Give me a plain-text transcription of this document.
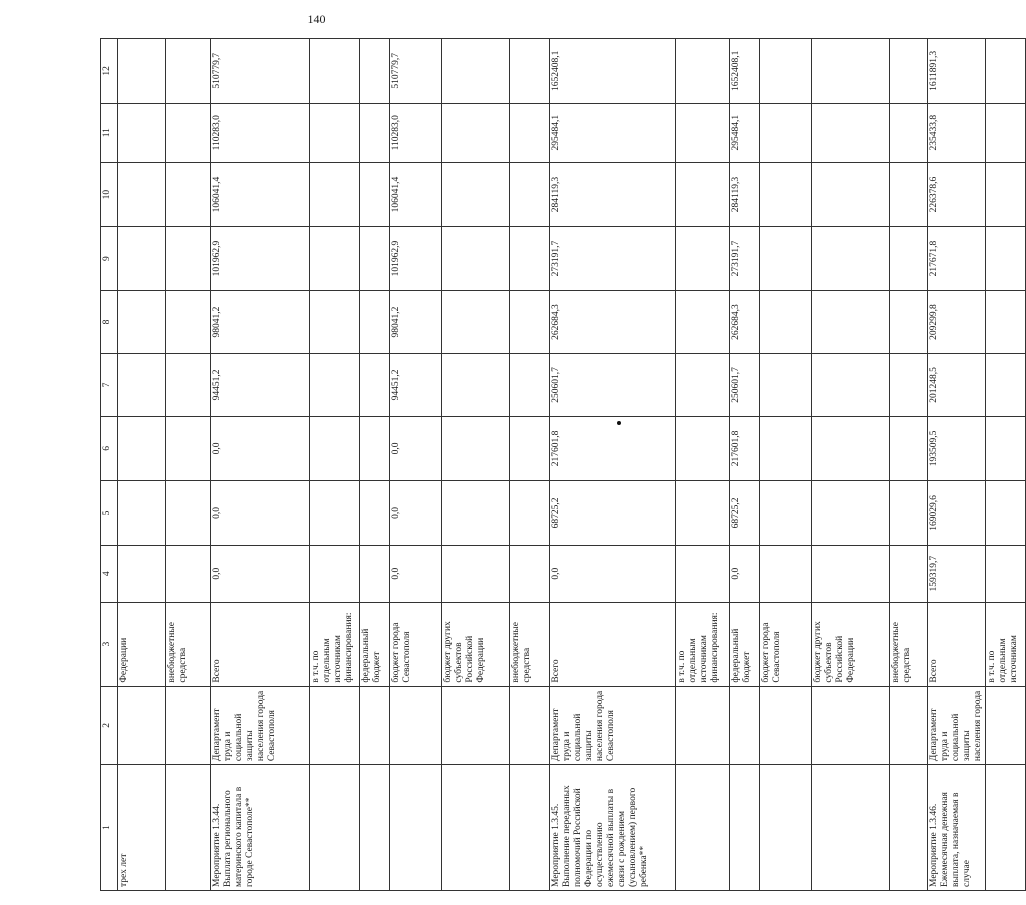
140
1	2	3	4	5	6	7	8	9	10	11	12
трех лет		Федерации									
		внебюджетные средства									
Мероприятие 1.3.44. Выплата регионального материнского капитала в городе Севастополе**	Департамент труда и социальной защиты населения города Севастополя	Всего	0,0	0,0	0,0	94451,2	98041,2	101962,9	106041,4	110283,0	510779,7
		в т.ч. по отдельным источникам финансирования:									
		федеральный бюджет									
		бюджет города Севастополя	0,0	0,0	0,0	94451,2	98041,2	101962,9	106041,4	110283,0	510779,7
		бюджет других субъектов Российской Федерации									
		внебюджетные средства									
Мероприятие 1.3.45. Выполнение переданных полномочий Российской Федерации по осуществлению ежемесячной выплаты в связи с рождением (усыновлением) первого ребенка**	Департамент труда и социальной защиты населения города Севастополя	Всего	0,0	68725,2	217601,8	250601,7	262684,3	273191,7	284119,3	295484,1	1652408,1
		в т.ч. по отдельным источникам финансирования:									
		федеральный бюджет	0,0	68725,2	217601,8	250601,7	262684,3	273191,7	284119,3	295484,1	1652408,1
		бюджет города Севастополя									
		бюджет других субъектов Российской Федерации									
		внебюджетные средства									
Мероприятие 1.3.46. Ежемесячная денежная выплата, назначаемая в случае	Департамент труда и социальной защиты населения города	Всего	159319,7	169029,6	193509,5	201248,5	209299,8	217671,8	226378,6	235433,8	1611891,3
		в т.ч. по отдельным источникам									
